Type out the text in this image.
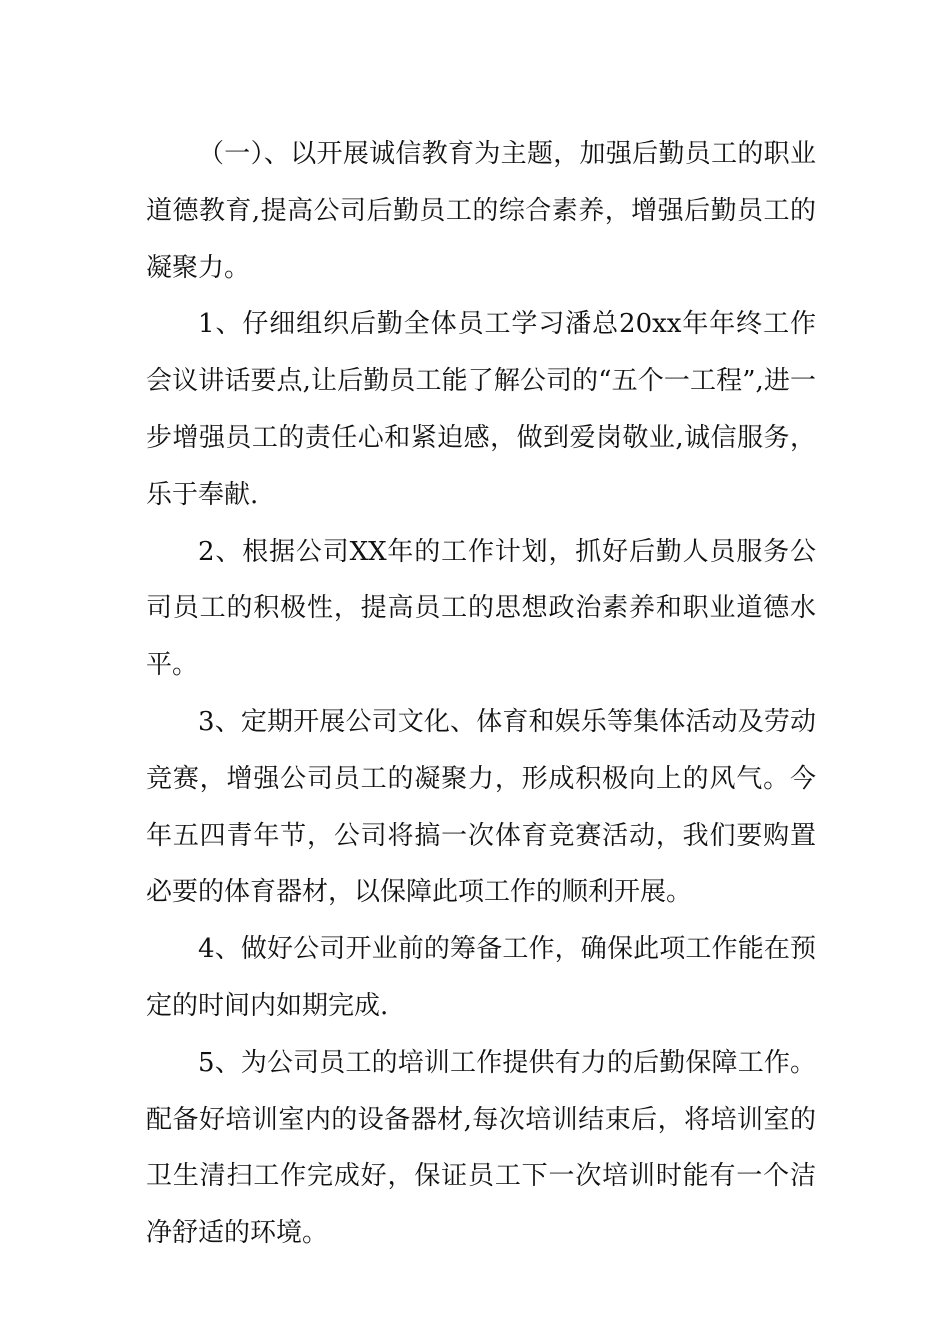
（一）、以开展诚信教育为主题，加强后勤员工的职业道德教育,提高公司后勤员工的综合素养，增强后勤员工的凝聚力。

1、仔细组织后勤全体员工学习潘总20xx年年终工作会议讲话要点,让后勤员工能了解公司的“五个一工程”,进一步增强员工的责任心和紧迫感，做到爱岗敬业,诚信服务，乐于奉献.

2、根据公司XX年的工作计划，抓好后勤人员服务公司员工的积极性，提高员工的思想政治素养和职业道德水平。

3、定期开展公司文化、体育和娱乐等集体活动及劳动竞赛，增强公司员工的凝聚力，形成积极向上的风气。今年五四青年节，公司将搞一次体育竞赛活动，我们要购置必要的体育器材，以保障此项工作的顺利开展。

4、做好公司开业前的筹备工作，确保此项工作能在预定的时间内如期完成.

5、为公司员工的培训工作提供有力的后勤保障工作。配备好培训室内的设备器材,每次培训结束后，将培训室的卫生清扫工作完成好，保证员工下一次培训时能有一个洁净舒适的环境。
